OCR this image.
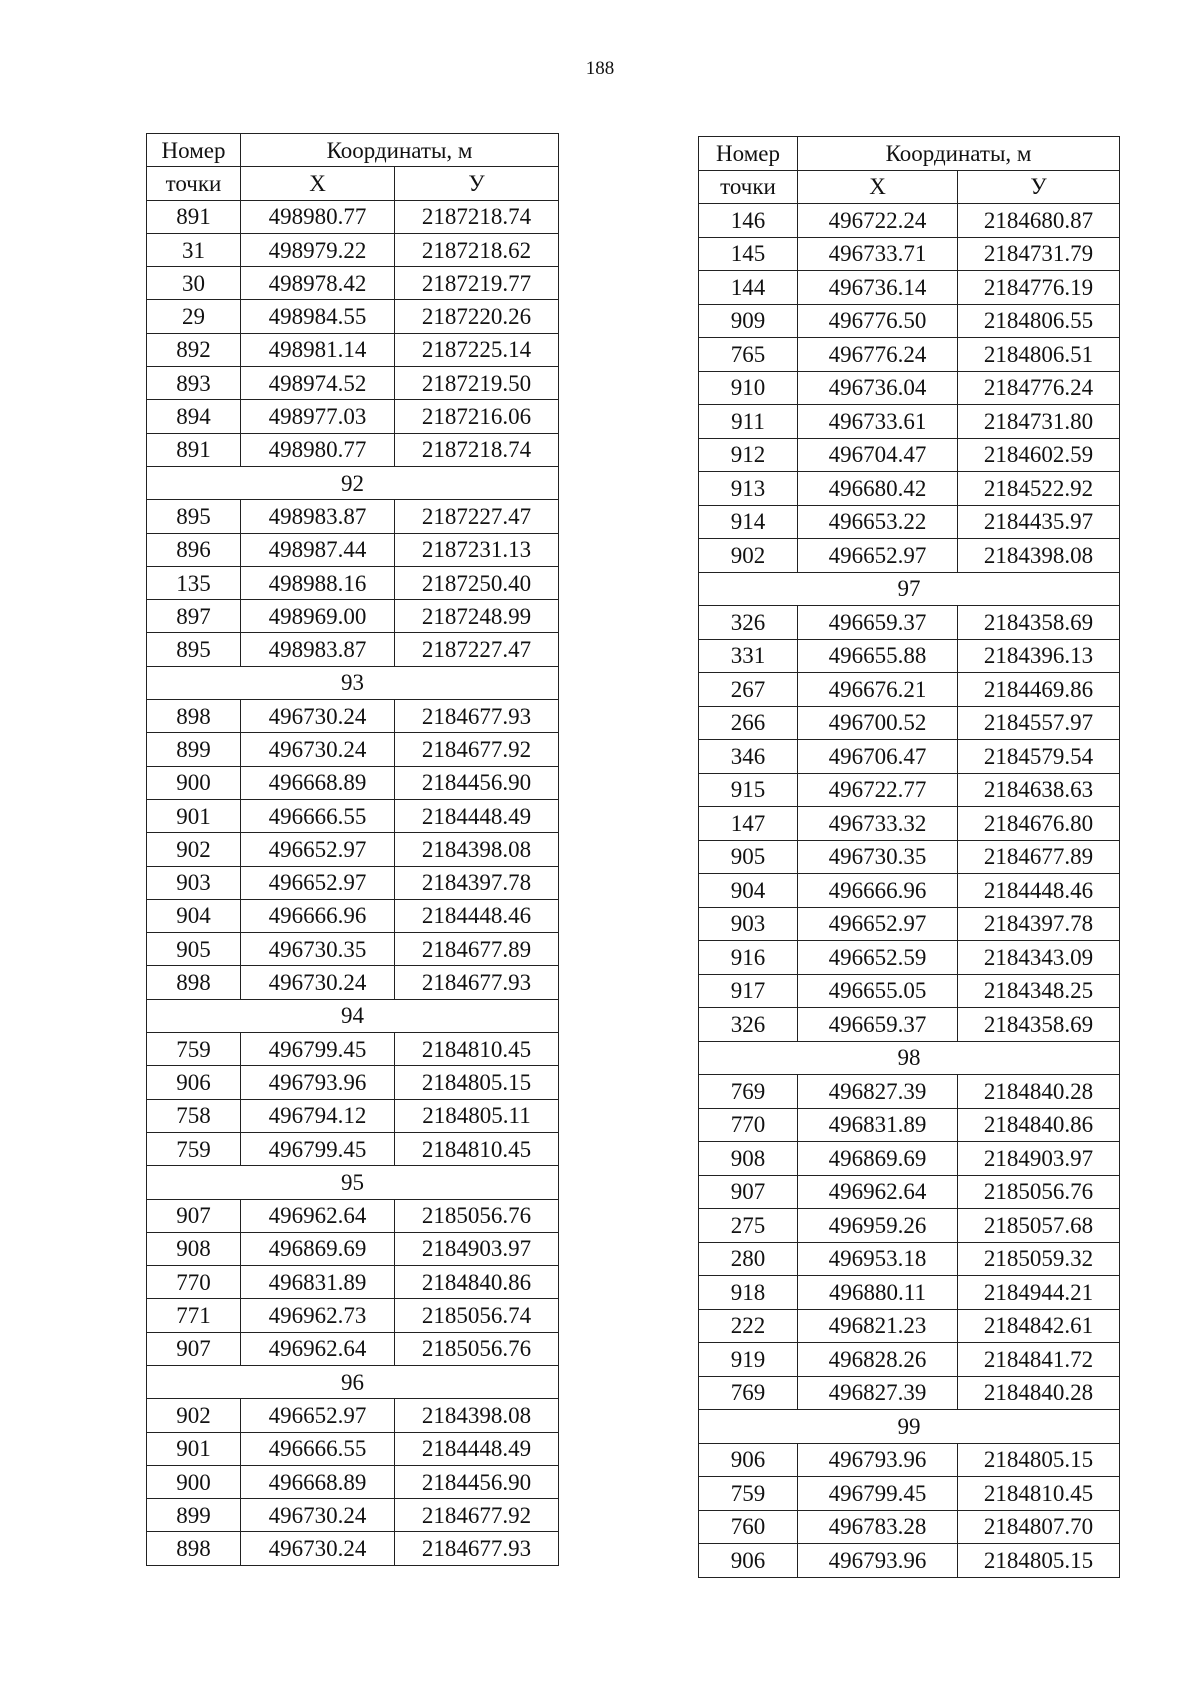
188
Номер	Координаты, м	
точки	Х	У
891	498980.77	2187218.74
31	498979.22	2187218.62
30	498978.42	2187219.77
29	498984.55	2187220.26
892	498981.14	2187225.14
893	498974.52	2187219.50
894	498977.03	2187216.06
891	498980.77	2187218.74
92		
895	498983.87	2187227.47
896	498987.44	2187231.13
135	498988.16	2187250.40
897	498969.00	2187248.99
895	498983.87	2187227.47
93		
898	496730.24	2184677.93
899	496730.24	2184677.92
900	496668.89	2184456.90
901	496666.55	2184448.49
902	496652.97	2184398.08
903	496652.97	2184397.78
904	496666.96	2184448.46
905	496730.35	2184677.89
898	496730.24	2184677.93
94		
759	496799.45	2184810.45
906	496793.96	2184805.15
758	496794.12	2184805.11
759	496799.45	2184810.45
95		
907	496962.64	2185056.76
908	496869.69	2184903.97
770	496831.89	2184840.86
771	496962.73	2185056.74
907	496962.64	2185056.76
96		
902	496652.97	2184398.08
901	496666.55	2184448.49
900	496668.89	2184456.90
899	496730.24	2184677.92
898	496730.24	2184677.93
Номер	Координаты, м	
точки	Х	У
146	496722.24	2184680.87
145	496733.71	2184731.79
144	496736.14	2184776.19
909	496776.50	2184806.55
765	496776.24	2184806.51
910	496736.04	2184776.24
911	496733.61	2184731.80
912	496704.47	2184602.59
913	496680.42	2184522.92
914	496653.22	2184435.97
902	496652.97	2184398.08
97		
326	496659.37	2184358.69
331	496655.88	2184396.13
267	496676.21	2184469.86
266	496700.52	2184557.97
346	496706.47	2184579.54
915	496722.77	2184638.63
147	496733.32	2184676.80
905	496730.35	2184677.89
904	496666.96	2184448.46
903	496652.97	2184397.78
916	496652.59	2184343.09
917	496655.05	2184348.25
326	496659.37	2184358.69
98		
769	496827.39	2184840.28
770	496831.89	2184840.86
908	496869.69	2184903.97
907	496962.64	2185056.76
275	496959.26	2185057.68
280	496953.18	2185059.32
918	496880.11	2184944.21
222	496821.23	2184842.61
919	496828.26	2184841.72
769	496827.39	2184840.28
99		
906	496793.96	2184805.15
759	496799.45	2184810.45
760	496783.28	2184807.70
906	496793.96	2184805.15
